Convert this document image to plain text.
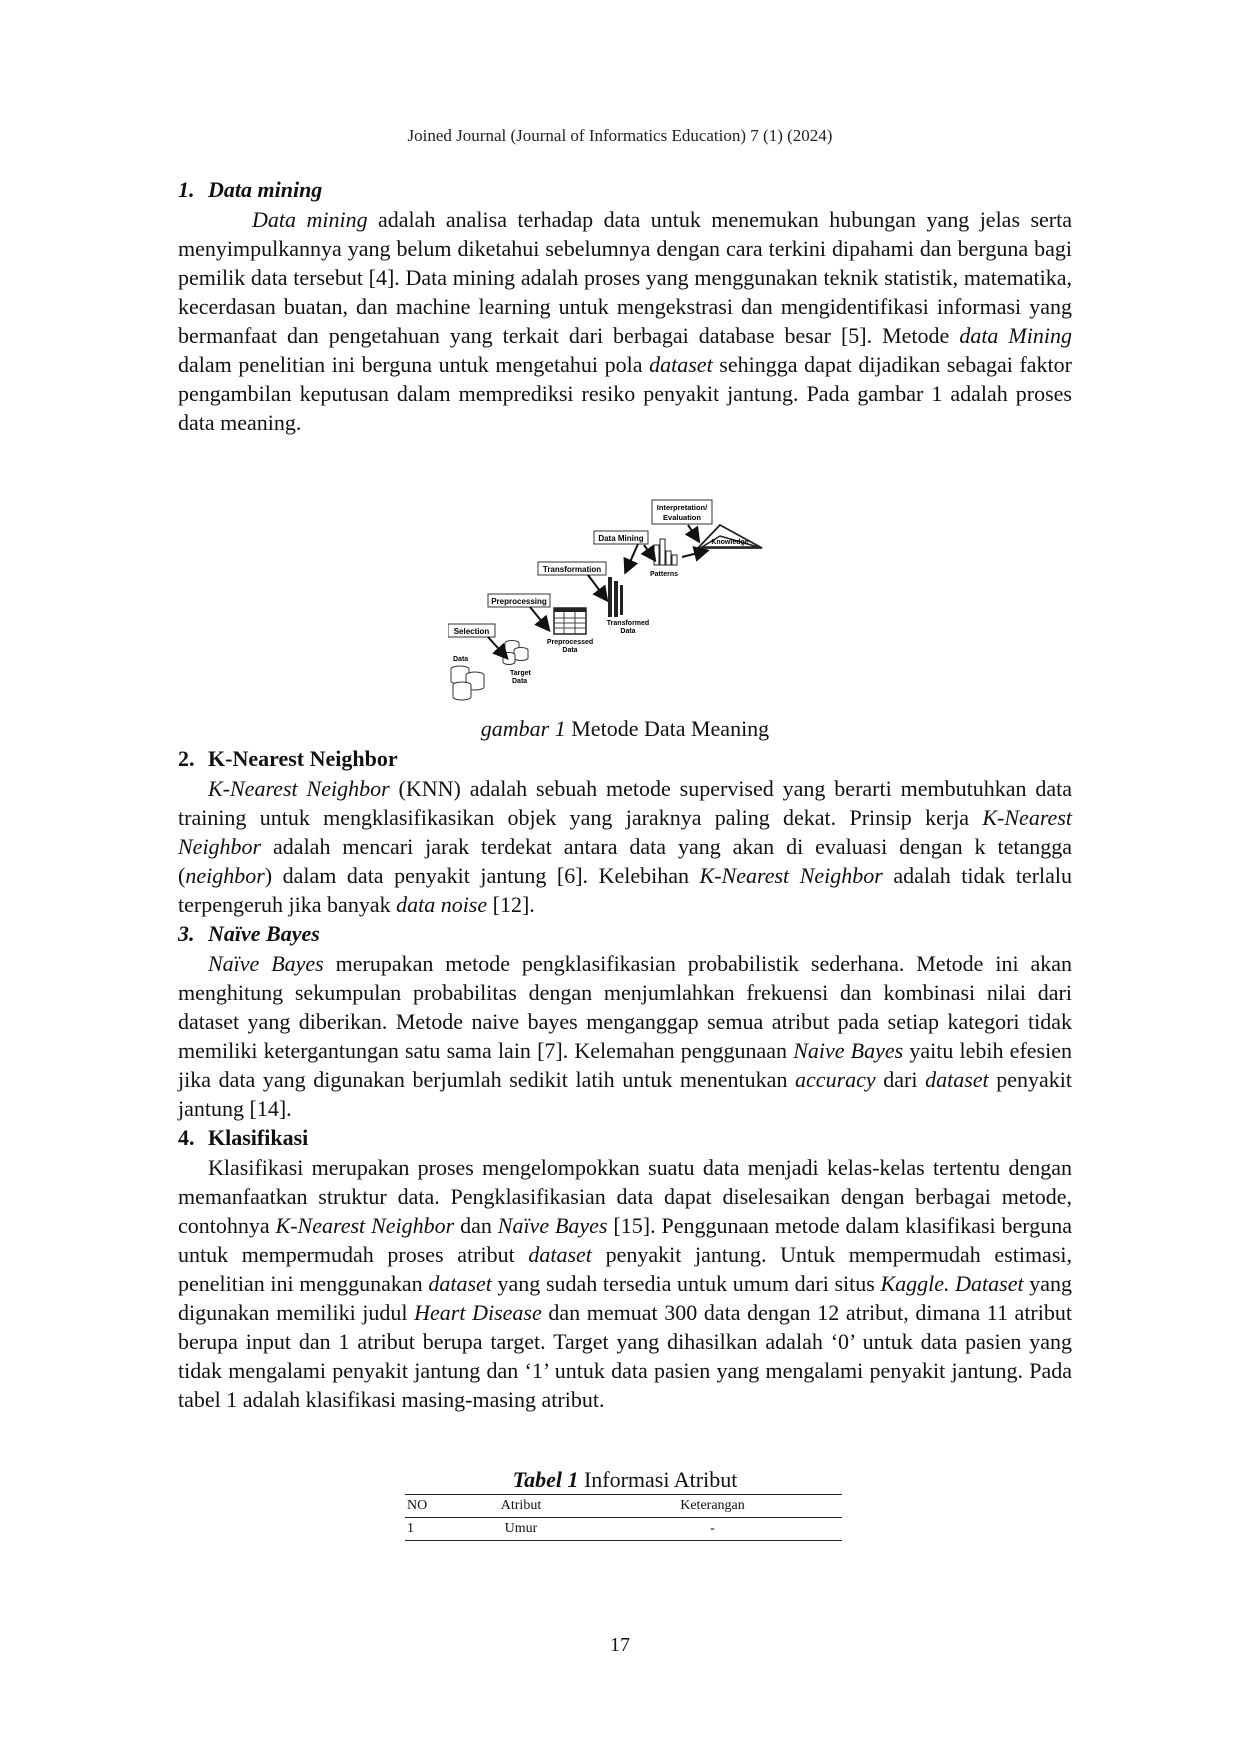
Joined Journal (Journal of Informatics Education) 7 (1) (2024)
1. Data mining

Data mining adalah analisa terhadap data untuk menemukan hubungan yang jelas serta menyimpulkannya yang belum diketahui sebelumnya dengan cara terkini dipahami dan berguna bagi pemilik data tersebut [4]. Data mining adalah proses yang menggunakan teknik statistik, matematika, kecerdasan buatan, dan machine learning untuk mengekstrasi dan mengidentifikasi informasi yang bermanfaat dan pengetahuan yang terkait dari berbagai database besar [5]. Metode data Mining dalam penelitian ini berguna untuk mengetahui pola dataset sehingga dapat dijadikan sebagai faktor pengambilan keputusan dalam memprediksi resiko penyakit jantung. Pada gambar 1 adalah proses data meaning.

Selection
Preprocessing
Transformation
Data Mining
Interpretation/
Evaluation
Knowledge
Data
Target
Data
Preprocessed
Data
Transformed
Data
Patterns
gambar 1 Metode Data Meaning
2. K-Nearest Neighbor

K-Nearest Neighbor (KNN) adalah sebuah metode supervised yang berarti membutuhkan data training untuk mengklasifikasikan objek yang jaraknya paling dekat. Prinsip kerja K-Nearest Neighbor adalah mencari jarak terdekat antara data yang akan di evaluasi dengan k tetangga (neighbor) dalam data penyakit jantung [6]. Kelebihan K-Nearest Neighbor adalah tidak terlalu terpengeruh jika banyak data noise [12].

3. Naïve Bayes

Naïve Bayes merupakan metode pengklasifikasian probabilistik sederhana. Metode ini akan menghitung sekumpulan probabilitas dengan menjumlahkan frekuensi dan kombinasi nilai dari dataset yang diberikan. Metode naive bayes menganggap semua atribut pada setiap kategori tidak memiliki ketergantungan satu sama lain [7]. Kelemahan penggunaan Naive Bayes yaitu lebih efesien jika data yang digunakan berjumlah sedikit latih untuk menentukan accuracy dari dataset penyakit jantung [14].

4. Klasifikasi

Klasifikasi merupakan proses mengelompokkan suatu data menjadi kelas-kelas tertentu dengan memanfaatkan struktur data. Pengklasifikasian data dapat diselesaikan dengan berbagai metode, contohnya K-Nearest Neighbor dan Naïve Bayes [15]. Penggunaan metode dalam klasifikasi berguna untuk mempermudah proses atribut dataset penyakit jantung. Untuk mempermudah estimasi, penelitian ini menggunakan dataset yang sudah tersedia untuk umum dari situs Kaggle. Dataset yang digunakan memiliki judul Heart Disease dan memuat 300 data dengan 12 atribut, dimana 11 atribut berupa input dan 1 atribut berupa target. Target yang dihasilkan adalah ‘0’ untuk data pasien yang tidak mengalami penyakit jantung dan ‘1’ untuk data pasien yang mengalami penyakit jantung. Pada tabel 1 adalah klasifikasi masing-masing atribut.

Tabel 1 Informasi Atribut
NO	Atribut	Keterangan
1	Umur	-
17
